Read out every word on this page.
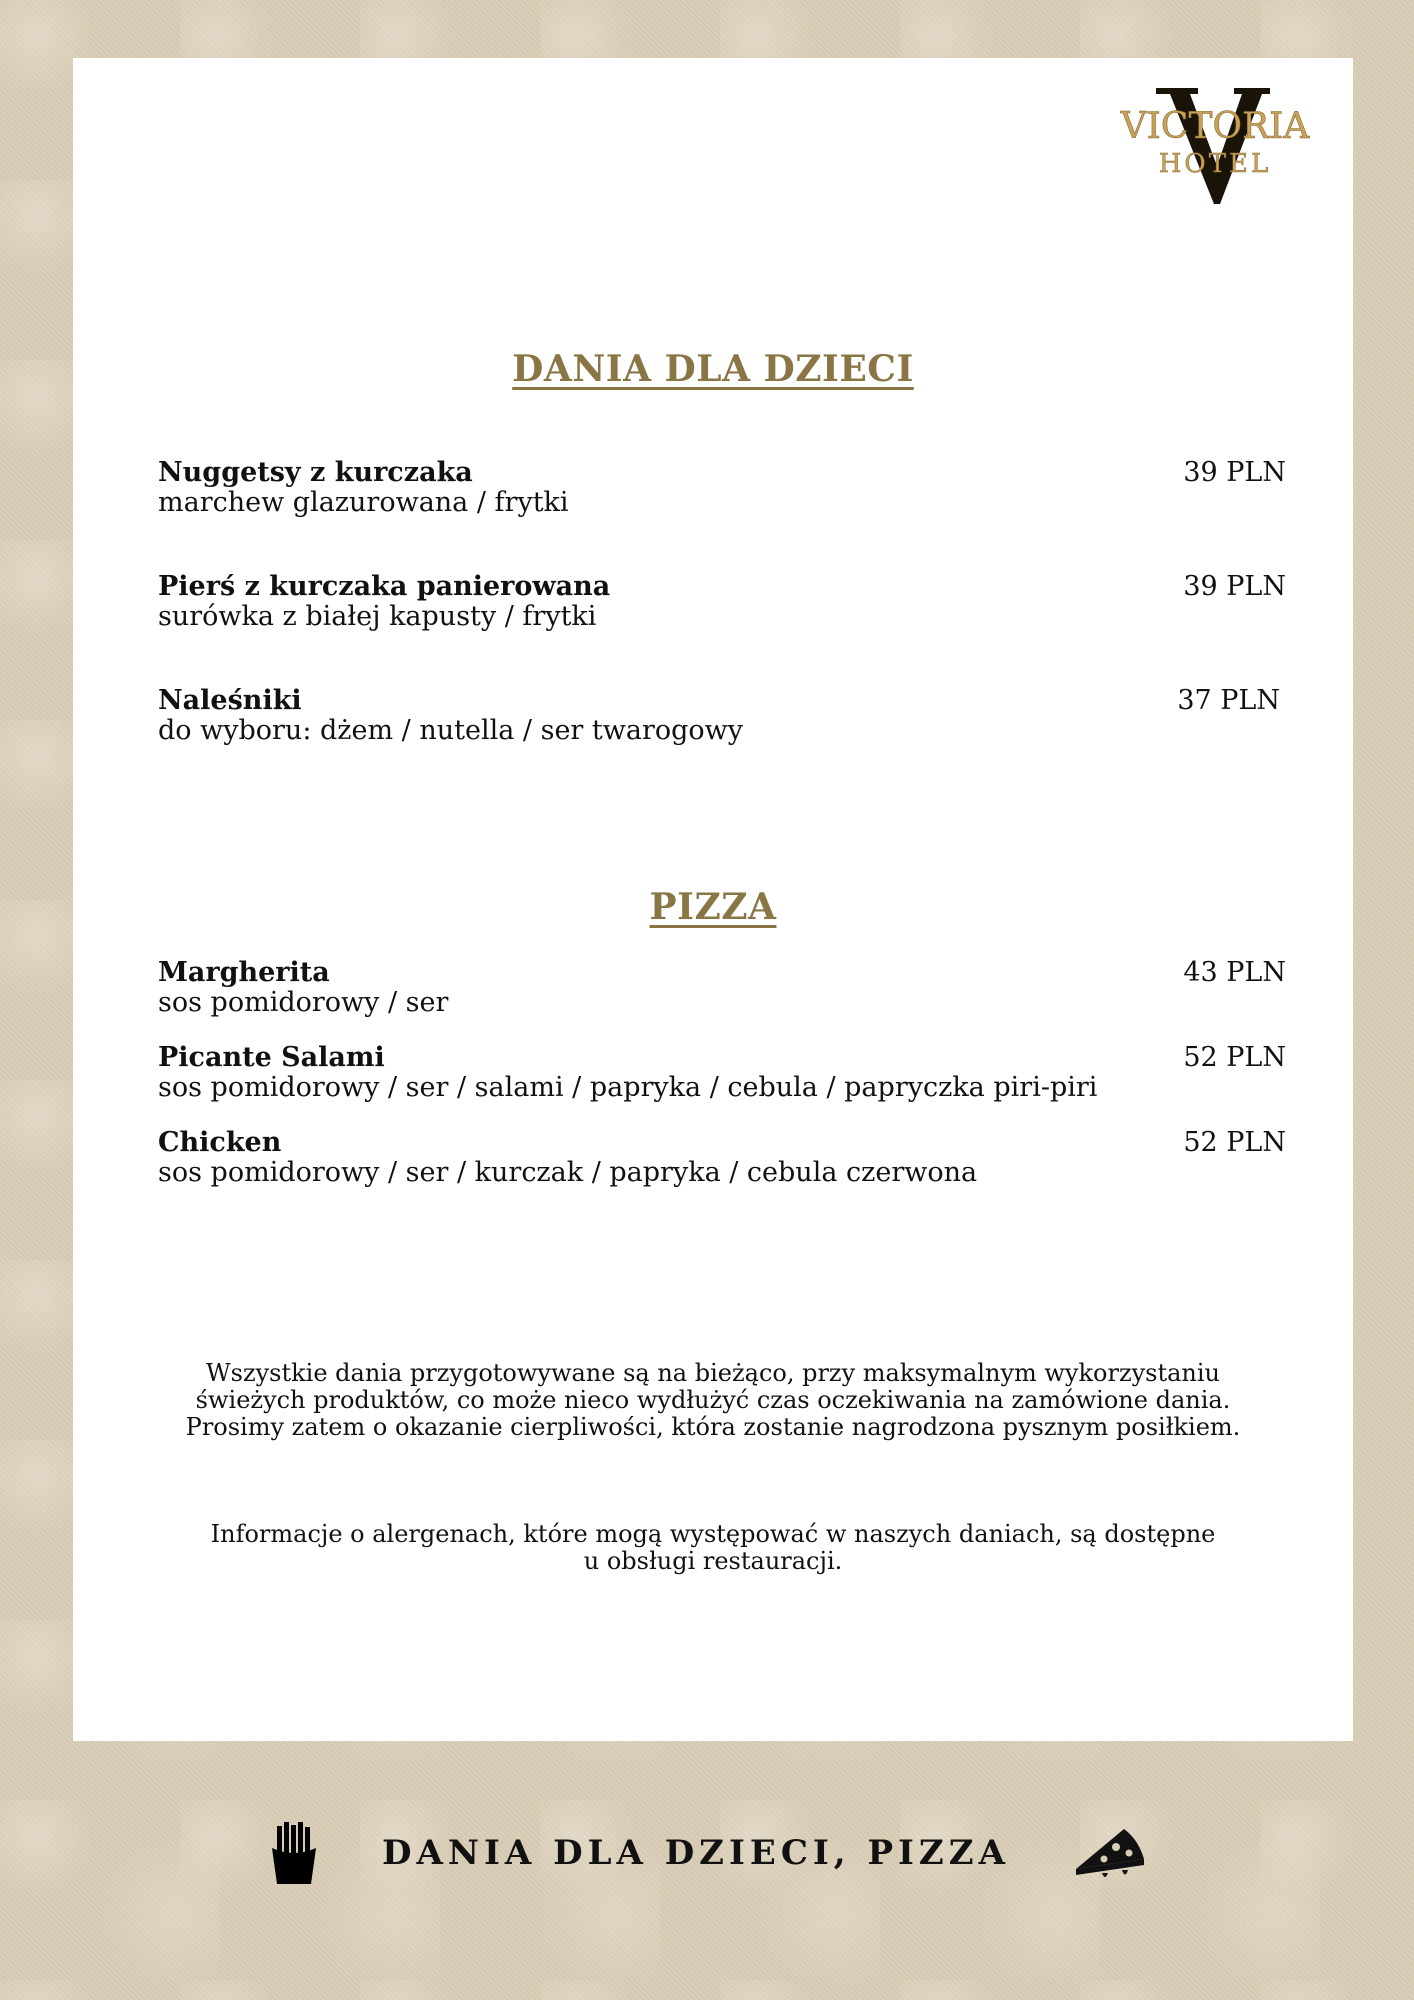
VICTORIA
HOTEL
DANIA DLA DZIECI
Nuggetsy z kurczaka
marchew glazurowana / frytki
39 PLN
Pierś z kurczaka panierowana
surówka z białej kapusty / frytki
39 PLN
Naleśniki
do wyboru: dżem / nutella / ser twarogowy
37 PLN
PIZZA
Margherita
sos pomidorowy / ser
43 PLN
Picante Salami
sos pomidorowy / ser / salami / papryka / cebula / papryczka piri-piri
52 PLN
Chicken
sos pomidorowy / ser / kurczak / papryka / cebula czerwona
52 PLN

Wszystkie dania przygotowywane są na bieżąco, przy maksymalnym wykorzystaniu

świeżych produktów, co może nieco wydłużyć czas oczekiwania na zamówione dania.

Prosimy zatem o okazanie cierpliwości, która zostanie nagrodzona pysznym posiłkiem.

Informacje o alergenach, które mogą występować w naszych daniach, są dostępne

u obsługi restauracji.

DANIA DLA DZIECI, PIZZA
